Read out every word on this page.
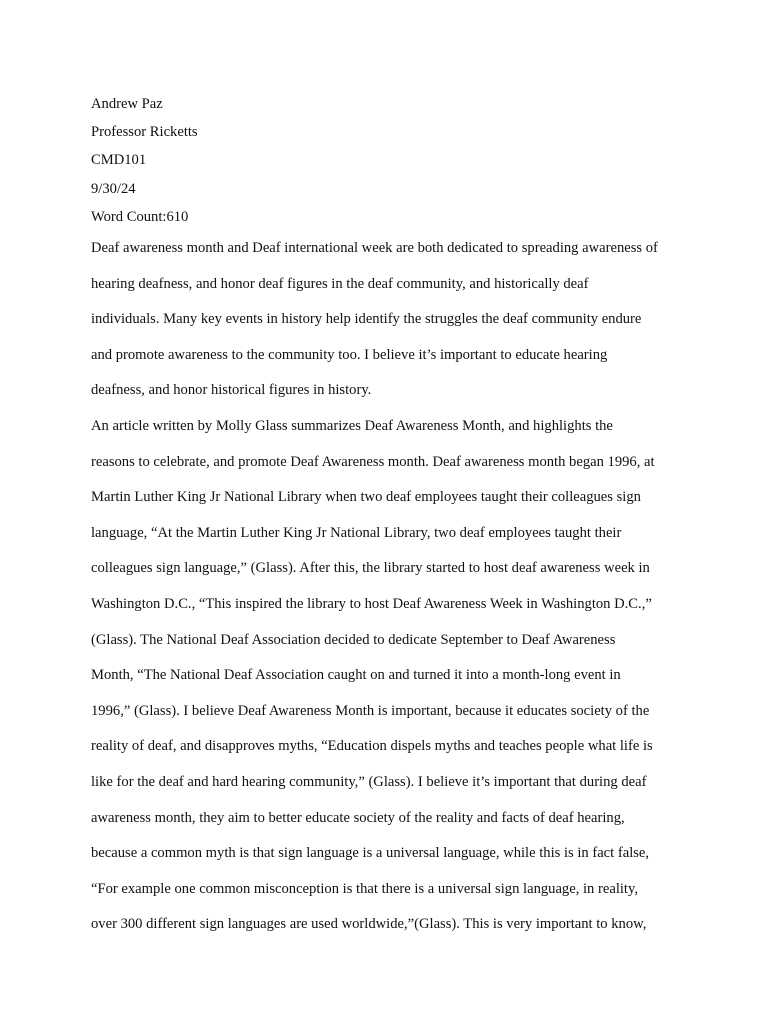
Andrew Paz

Professor Ricketts

CMD101

9/30/24

Word Count:610

Deaf awareness month and Deaf international week are both dedicated to spreading awareness of

hearing deafness, and honor deaf figures in the deaf community, and historically deaf

individuals. Many key events in history help identify the struggles the deaf community endure

and promote awareness to the community too. I believe it’s important to educate hearing

deafness, and honor historical figures in history.

An article written by Molly Glass summarizes Deaf Awareness Month, and highlights the

reasons to celebrate, and promote Deaf Awareness month. Deaf awareness month began 1996, at

Martin Luther King Jr National Library when two deaf employees taught their colleagues sign

language, “At the Martin Luther King Jr National Library, two deaf employees taught their

colleagues sign language,” (Glass). After this, the library started to host deaf awareness week in

Washington D.C., “This inspired the library to host Deaf Awareness Week in Washington D.C.,”

(Glass). The National Deaf Association decided to dedicate September to Deaf Awareness

Month, “The National Deaf Association caught on and turned it into a month-long event in

1996,” (Glass). I believe Deaf Awareness Month is important, because it educates society of the

reality of deaf, and disapproves myths, “Education dispels myths and teaches people what life is

like for the deaf and hard hearing community,” (Glass). I believe it’s important that during deaf

awareness month, they aim to better educate society of the reality and facts of deaf hearing,

because a common myth is that sign language is a universal language, while this is in fact false,

“For example one common misconception is that there is a universal sign language, in reality,

over 300 different sign languages are used worldwide,”(Glass). This is very important to know,
